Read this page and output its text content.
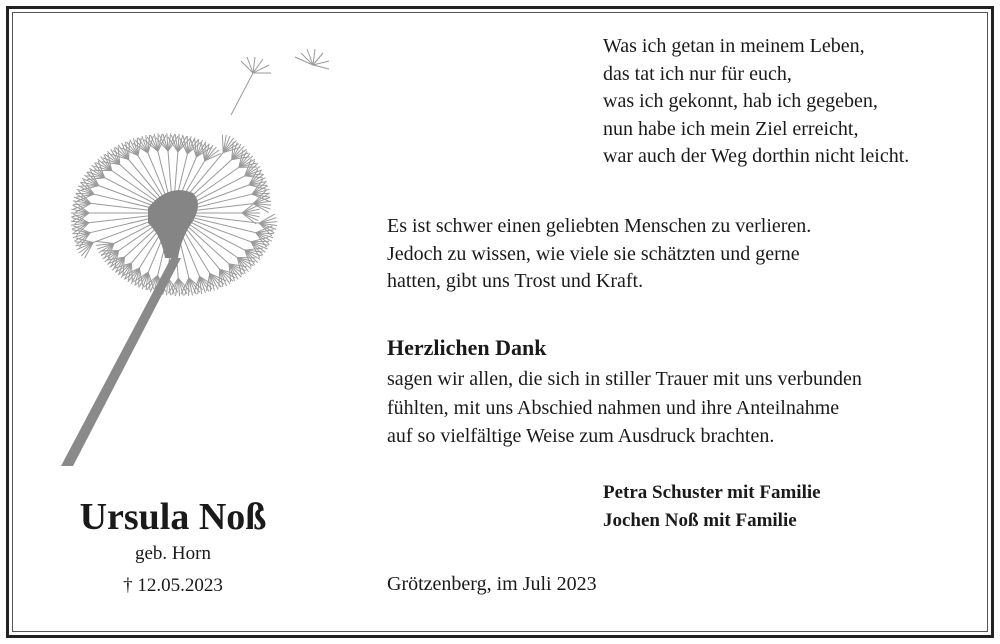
Was ich getan in meinem Leben,
das tat ich nur für euch,
was ich gekonnt, hab ich gegeben,
nun habe ich mein Ziel erreicht,
war auch der Weg dorthin nicht leicht.
Es ist schwer einen geliebten Menschen zu verlieren.
Jedoch zu wissen, wie viele sie schätzten und gerne
hatten, gibt uns Trost und Kraft.
Herzlichen Dank
sagen wir allen, die sich in stiller Trauer mit uns verbunden
fühlten, mit uns Abschied nahmen und ihre Anteilnahme
auf so vielfältige Weise zum Ausdruck brachten.
Petra Schuster mit Familie
Jochen Noß mit Familie
Grötzenberg, im Juli 2023
Ursula Noß
geb. Horn
† 12.05.2023
